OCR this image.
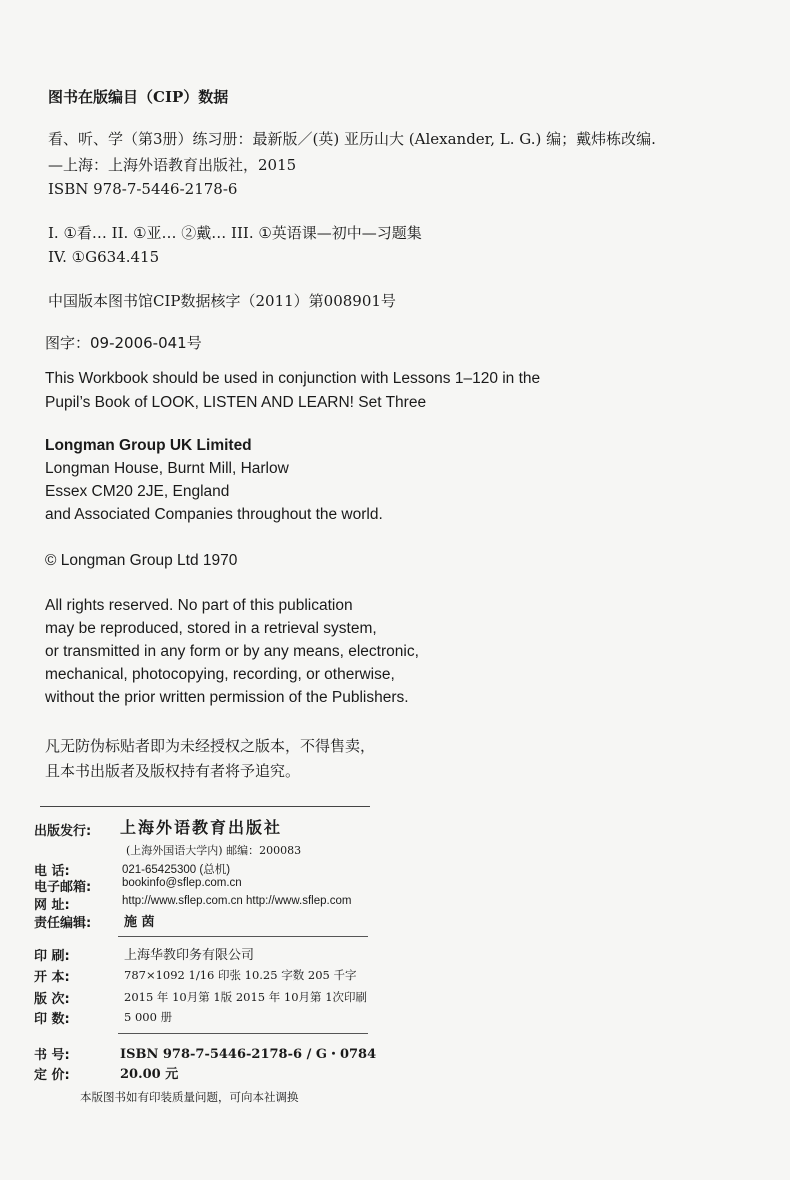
图书在版编目（CIP）数据
看、听、学（第3册）练习册：最新版／(英) 亚历山大 (Alexander, L. G.) 编；戴炜栋改编.
—上海：上海外语教育出版社，2015
ISBN 978-7-5446-2178-6
I. ①看… II. ①亚… ②戴… III. ①英语课—初中—习题集
IV. ①G634.415
中国版本图书馆CIP数据核字（2011）第008901号
图字：09-2006-041号
This Workbook should be used in conjunction with Lessons 1–120 in the
Pupil’s Book of LOOK, LISTEN AND LEARN! Set Three
Longman Group UK Limited
Longman House, Burnt Mill, Harlow
Essex CM20 2JE, England
and Associated Companies throughout the world.
© Longman Group Ltd 1970
All rights reserved. No part of this publication
may be reproduced, stored in a retrieval system,
or transmitted in any form or by any means, electronic,
mechanical, photocopying, recording, or otherwise,
without the prior written permission of the Publishers.
凡无防伪标贴者即为未经授权之版本，不得售卖，
且本书出版者及版权持有者将予追究。
出版发行: 上海外语教育出版社
(上海外国语大学内) 邮编：200083
电 话:	021-65425300 (总机)
电子邮箱:	bookinfo@sflep.com.cn
网 址:	http://www.sflep.com.cn http://www.sflep.com
责任编辑:	施 茵
印 刷:	上海华教印务有限公司
开 本:	787×1092 1/16 印张 10.25 字数 205 千字
版 次:	2015 年 10月第 1版 2015 年 10月第 1次印刷
印 数:	5 000 册
书 号:	ISBN 978-7-5446-2178-6 / G・0784
定 价:	20.00 元
本版图书如有印装质量问题，可向本社调换
